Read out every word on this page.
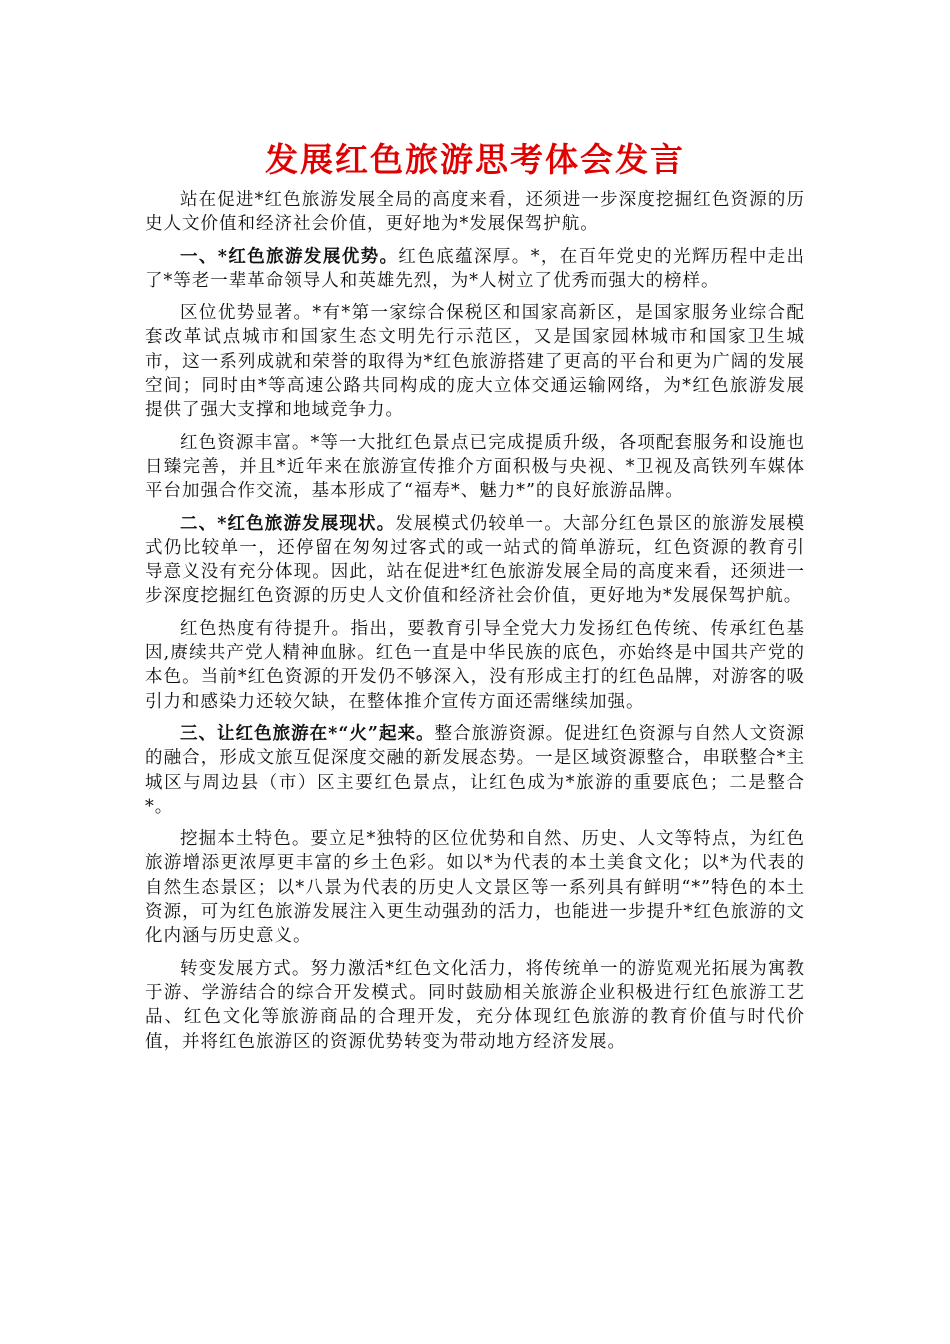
发展红色旅游思考体会发言

站在促进*红色旅游发展全局的高度来看，还须进一步深度挖掘红色资源的历史人文价值和经济社会价值，更好地为*发展保驾护航。

一、*红色旅游发展优势。红色底蕴深厚。*，在百年党史的光辉历程中走出了*等老一辈革命领导人和英雄先烈，为*人树立了优秀而强大的榜样。

区位优势显著。*有*第一家综合保税区和国家高新区，是国家服务业综合配套改革试点城市和国家生态文明先行示范区，又是国家园林城市和国家卫生城市，这一系列成就和荣誉的取得为*红色旅游搭建了更高的平台和更为广阔的发展空间；同时由*等高速公路共同构成的庞大立体交通运输网络，为*红色旅游发展提供了强大支撑和地域竞争力。

红色资源丰富。*等一大批红色景点已完成提质升级，各项配套服务和设施也日臻完善，并且*近年来在旅游宣传推介方面积极与央视、*卫视及高铁列车媒体平台加强合作交流，基本形成了“福寿*、魅力*”的良好旅游品牌。

二、*红色旅游发展现状。发展模式仍较单一。大部分红色景区的旅游发展模式仍比较单一，还停留在匆匆过客式的或一站式的简单游玩，红色资源的教育引导意义没有充分体现。因此，站在促进*红色旅游发展全局的高度来看，还须进一步深度挖掘红色资源的历史人文价值和经济社会价值，更好地为*发展保驾护航。

红色热度有待提升。指出，要教育引导全党大力发扬红色传统、传承红色基因,赓续共产党人精神血脉。红色一直是中华民族的底色，亦始终是中国共产党的本色。当前*红色资源的开发仍不够深入，没有形成主打的红色品牌，对游客的吸引力和感染力还较欠缺，在整体推介宣传方面还需继续加强。

三、让红色旅游在*“火”起来。整合旅游资源。促进红色资源与自然人文资源的融合，形成文旅互促深度交融的新发展态势。一是区域资源整合，串联整合*主城区与周边县（市）区主要红色景点，让红色成为*旅游的重要底色；二是整合*。

挖掘本土特色。要立足*独特的区位优势和自然、历史、人文等特点，为红色旅游增添更浓厚更丰富的乡土色彩。如以*为代表的本土美食文化；以*为代表的自然生态景区；以*八景为代表的历史人文景区等一系列具有鲜明“*”特色的本土资源，可为红色旅游发展注入更生动强劲的活力，也能进一步提升*红色旅游的文化内涵与历史意义。

转变发展方式。努力激活*红色文化活力，将传统单一的游览观光拓展为寓教于游、学游结合的综合开发模式。同时鼓励相关旅游企业积极进行红色旅游工艺品、红色文化等旅游商品的合理开发，充分体现红色旅游的教育价值与时代价值，并将红色旅游区的资源优势转变为带动地方经济发展。
